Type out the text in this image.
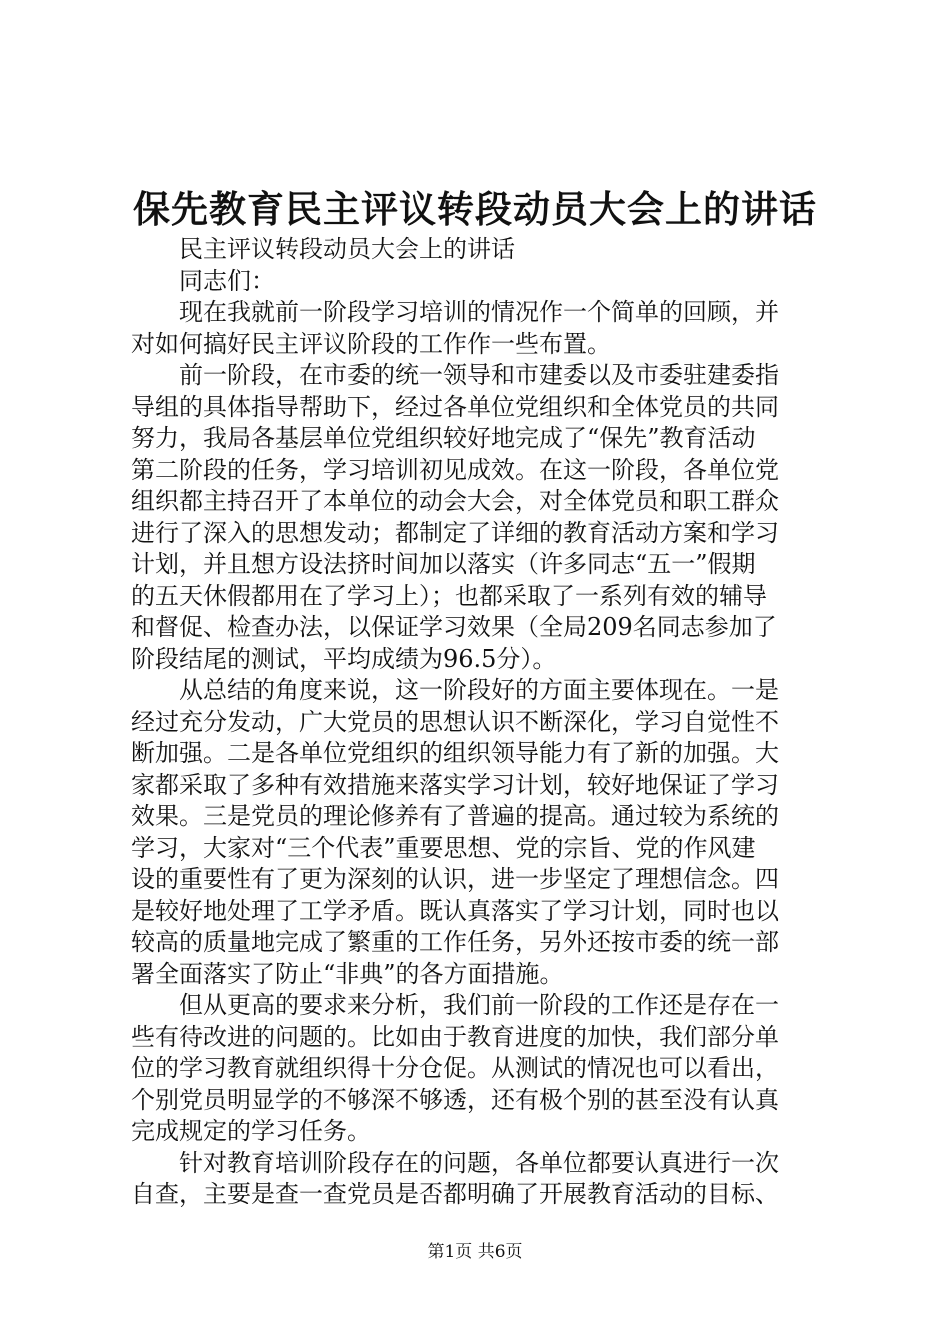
保先教育民主评议转段动员大会上的讲话
民主评议转段动员大会上的讲话
同志们：
现在我就前一阶段学习培训的情况作一个简单的回顾，并
对如何搞好民主评议阶段的工作作一些布置。
前一阶段，在市委的统一领导和市建委以及市委驻建委指
导组的具体指导帮助下，经过各单位党组织和全体党员的共同
努力，我局各基层单位党组织较好地完成了“保先”教育活动
第二阶段的任务，学习培训初见成效。在这一阶段，各单位党
组织都主持召开了本单位的动会大会，对全体党员和职工群众
进行了深入的思想发动；都制定了详细的教育活动方案和学习
计划，并且想方设法挤时间加以落实（许多同志“五一”假期
的五天休假都用在了学习上）；也都采取了一系列有效的辅导
和督促、检查办法，以保证学习效果（全局209名同志参加了
阶段结尾的测试，平均成绩为96.5分）。
从总结的角度来说，这一阶段好的方面主要体现在。一是
经过充分发动，广大党员的思想认识不断深化，学习自觉性不
断加强。二是各单位党组织的组织领导能力有了新的加强。大
家都采取了多种有效措施来落实学习计划，较好地保证了学习
效果。三是党员的理论修养有了普遍的提高。通过较为系统的
学习，大家对“三个代表”重要思想、党的宗旨、党的作风建
设的重要性有了更为深刻的认识，进一步坚定了理想信念。四
是较好地处理了工学矛盾。既认真落实了学习计划，同时也以
较高的质量地完成了繁重的工作任务，另外还按市委的统一部
署全面落实了防止“非典”的各方面措施。
但从更高的要求来分析，我们前一阶段的工作还是存在一
些有待改进的问题的。比如由于教育进度的加快，我们部分单
位的学习教育就组织得十分仓促。从测试的情况也可以看出，
个别党员明显学的不够深不够透，还有极个别的甚至没有认真
完成规定的学习任务。
针对教育培训阶段存在的问题，各单位都要认真进行一次
自查，主要是查一查党员是否都明确了开展教育活动的目标、
第1页 共6页
